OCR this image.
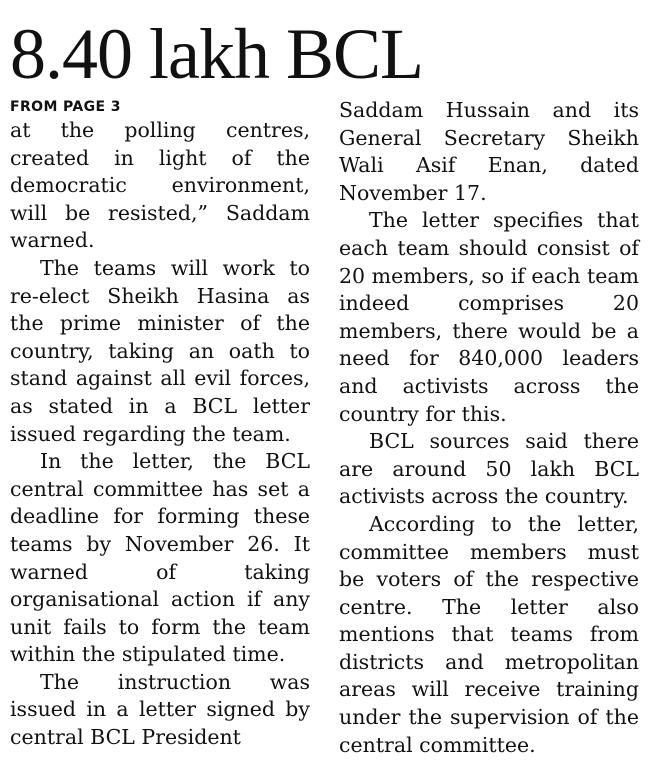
8.40 lakh BCL
FROM PAGE 3

at the polling centres, created in light of the democratic environment, will be resisted,” Saddam warned.

The teams will work to re-elect Sheikh Hasina as the prime minister of the country, taking an oath to stand against all evil forces, as stated in a BCL letter issued regarding the team.

In the letter, the BCL central committee has set a deadline for forming these teams by November 26. It warned of taking organisational action if any unit fails to form the team within the stipulated time.

The instruction was issued in a letter signed by central BCL President

Saddam Hussain and its General Secretary Sheikh Wali Asif Enan, dated November 17.

The letter specifies that each team should consist of 20 members, so if each team indeed comprises 20 members, there would be a need for 840,000 leaders and activists across the country for this.

BCL sources said there are around 50 lakh BCL activists across the country.

According to the letter, committee members must be voters of the respective centre. The letter also mentions that teams from districts and metropolitan areas will receive training under the supervision of the central committee.
